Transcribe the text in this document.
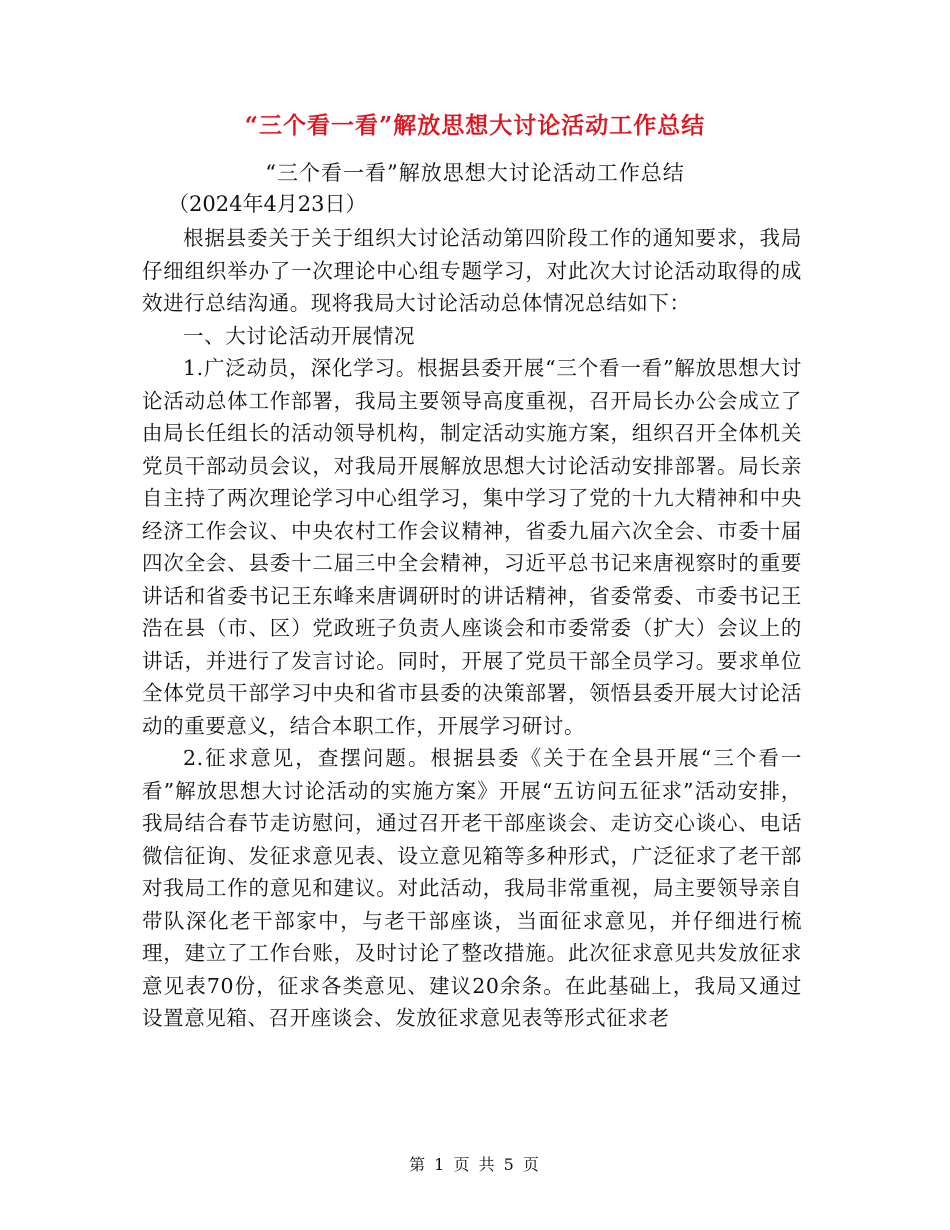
“三个看一看”解放思想大讨论活动工作总结
“三个看一看”解放思想大讨论活动工作总结
（2024年4月23日）

根据县委关于关于组织大讨论活动第四阶段工作的通知要求，我局仔细组织举办了一次理论中心组专题学习，对此次大讨论活动取得的成效进行总结沟通。现将我局大讨论活动总体情况总结如下：

一、大讨论活动开展情况

1.广泛动员，深化学习。根据县委开展“三个看一看”解放思想大讨论活动总体工作部署，我局主要领导高度重视，召开局长办公会成立了由局长任组长的活动领导机构，制定活动实施方案，组织召开全体机关党员干部动员会议，对我局开展解放思想大讨论活动安排部署。局长亲自主持了两次理论学习中心组学习，集中学习了党的十九大精神和中央经济工作会议、中央农村工作会议精神，省委九届六次全会、市委十届四次全会、县委十二届三中全会精神，习近平总书记来唐视察时的重要讲话和省委书记王东峰来唐调研时的讲话精神，省委常委、市委书记王浩在县（市、区）党政班子负责人座谈会和市委常委（扩大）会议上的讲话，并进行了发言讨论。同时，开展了党员干部全员学习。要求单位全体党员干部学习中央和省市县委的决策部署，领悟县委开展大讨论活动的重要意义，结合本职工作，开展学习研讨。

2.征求意见，查摆问题。根据县委《关于在全县开展“三个看一看”解放思想大讨论活动的实施方案》开展“五访问五征求”活动安排，我局结合春节走访慰问，通过召开老干部座谈会、走访交心谈心、电话微信征询、发征求意见表、设立意见箱等多种形式，广泛征求了老干部对我局工作的意见和建议。对此活动，我局非常重视，局主要领导亲自带队深化老干部家中，与老干部座谈，当面征求意见，并仔细进行梳理，建立了工作台账，及时讨论了整改措施。此次征求意见共发放征求意见表70份，征求各类意见、建议20余条。在此基础上，我局又通过设置意见箱、召开座谈会、发放征求意见表等形式征求老

第 1 页 共 5 页
